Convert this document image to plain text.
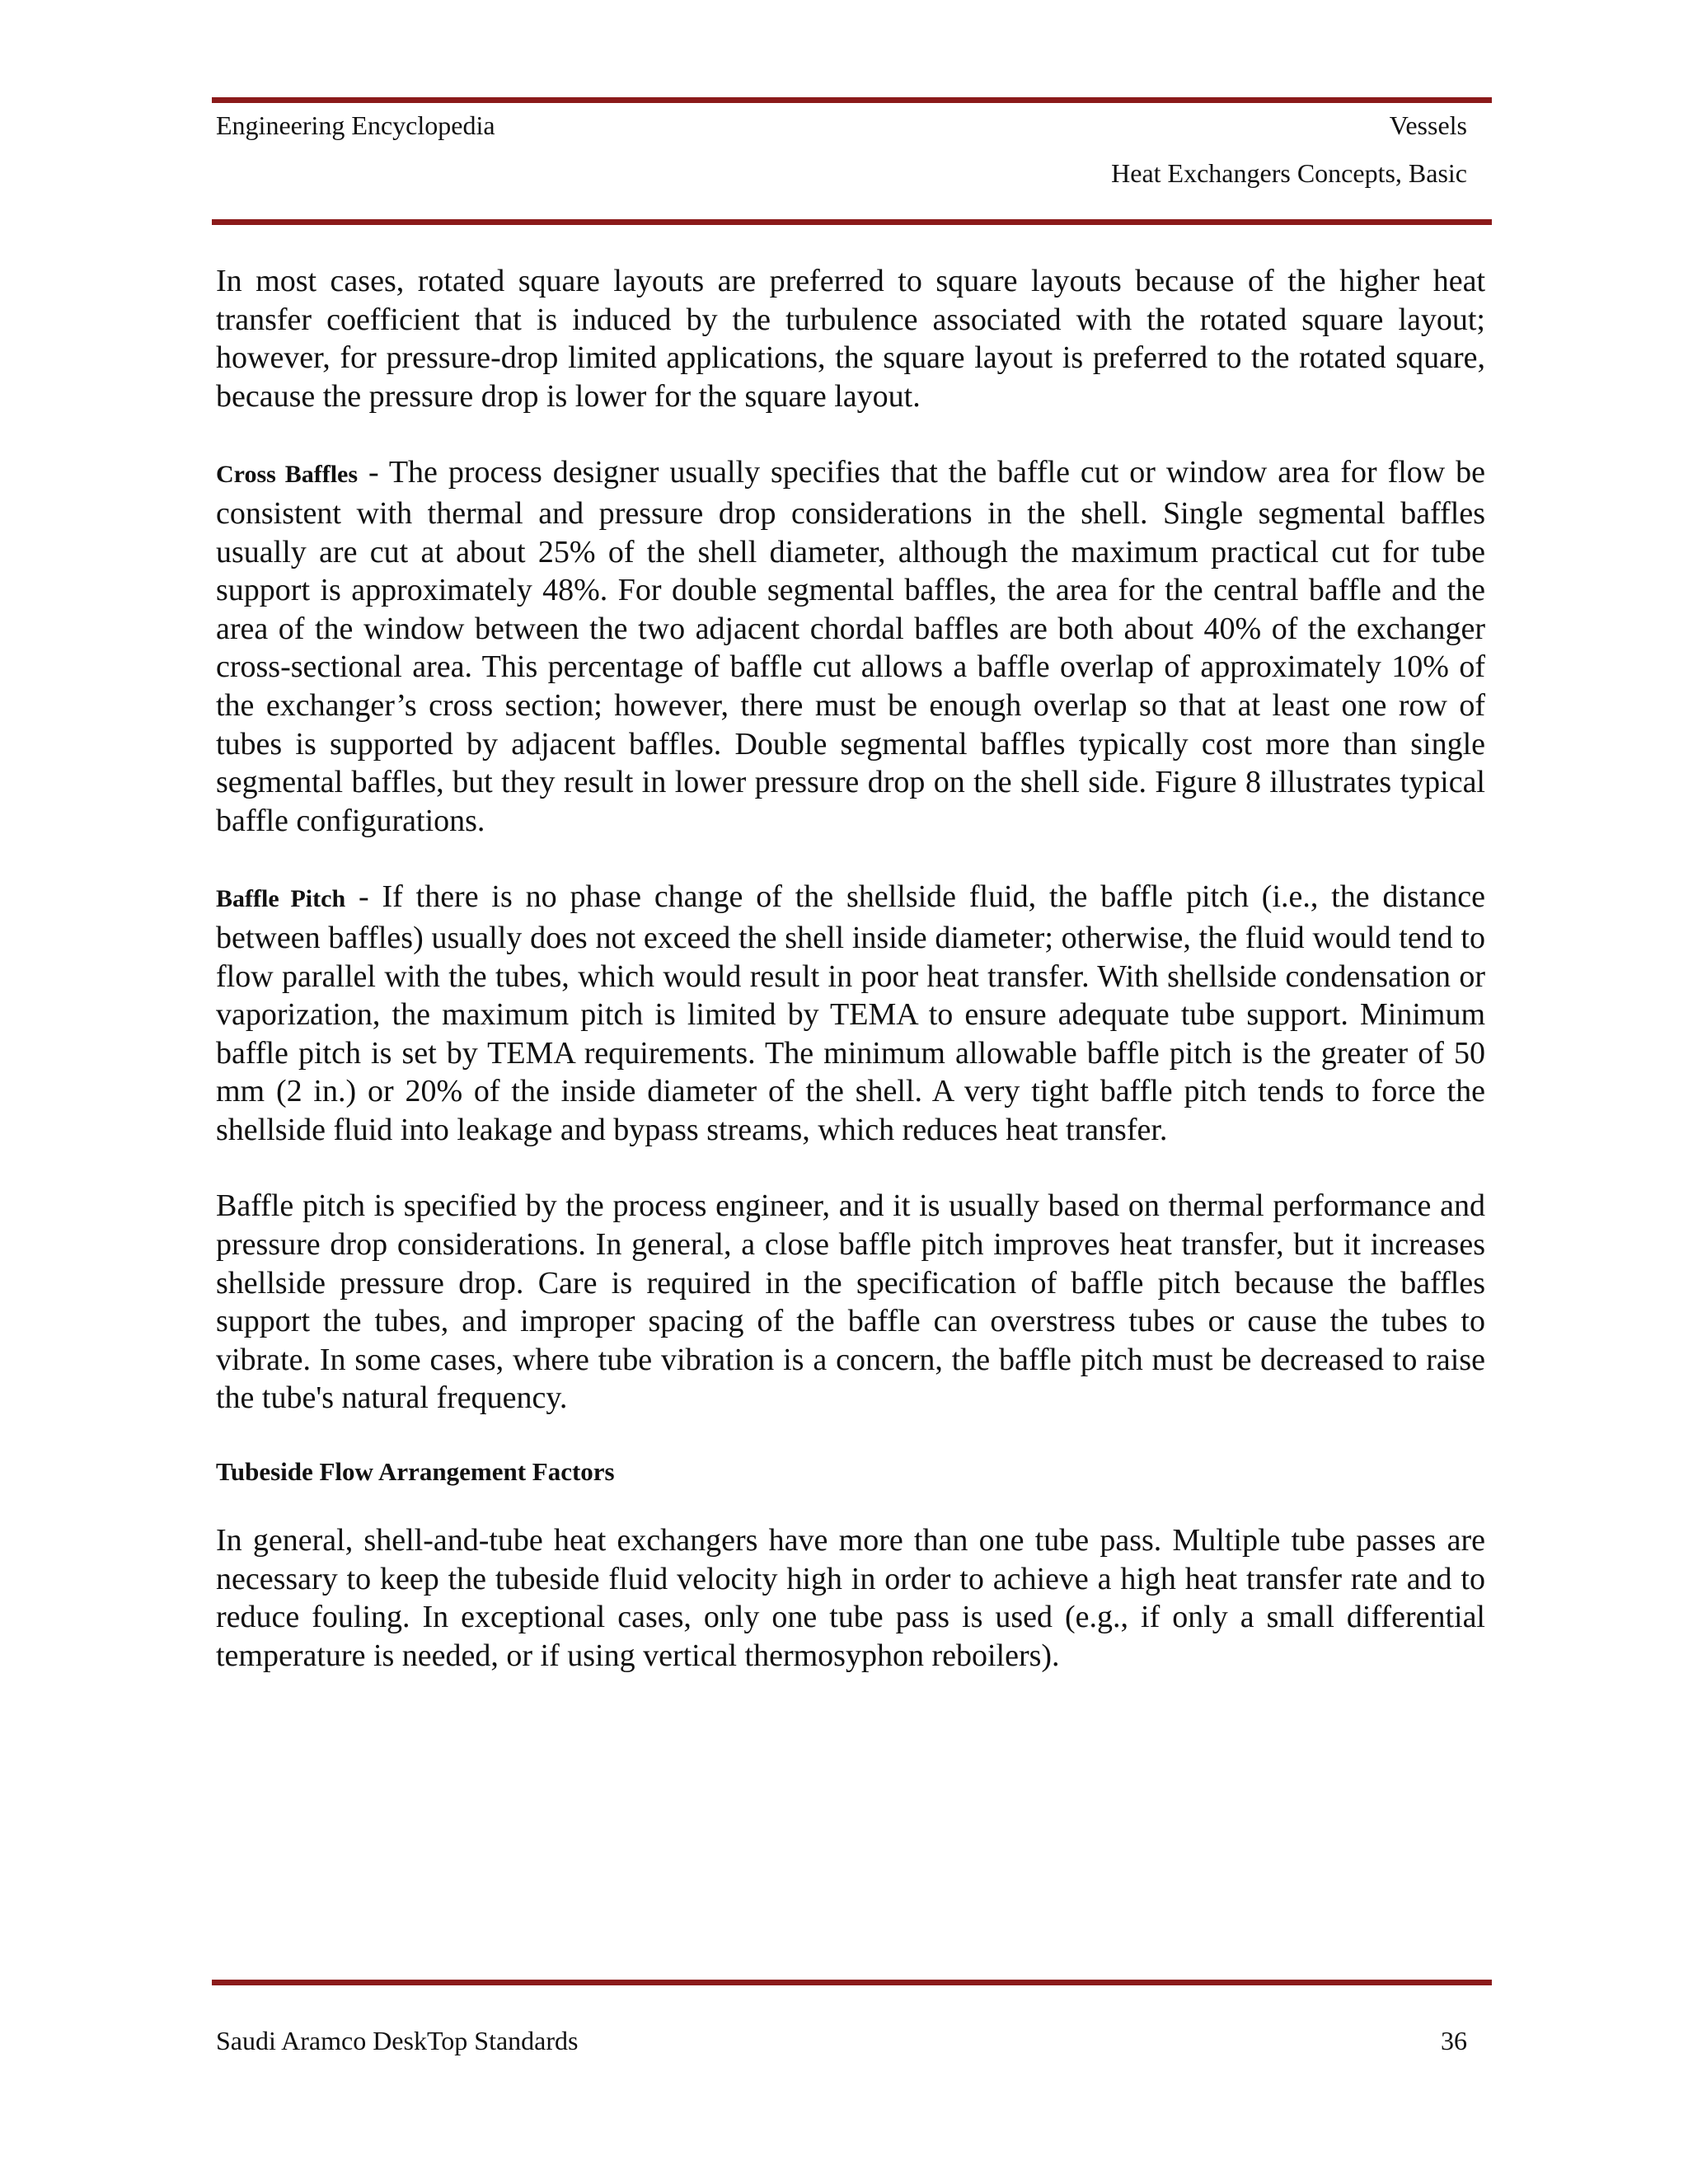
Engineering Encyclopedia	Vessels
Heat Exchangers Concepts, Basic

In most cases, rotated square layouts are preferred to square layouts because of the higher heat transfer coefficient that is induced by the turbulence associated with the rotated square layout; however, for pressure-drop limited applications, the square layout is preferred to the rotated square, because the pressure drop is lower for the square layout.

Cross Baffles - The process designer usually specifies that the baffle cut or window area for flow be consistent with thermal and pressure drop considerations in the shell. Single segmental baffles usually are cut at about 25% of the shell diameter, although the maximum practical cut for tube support is approximately 48%. For double segmental baffles, the area for the central baffle and the area of the window between the two adjacent chordal baffles are both about 40% of the exchanger cross-sectional area. This percentage of baffle cut allows a baffle overlap of approximately 10% of the exchanger’s cross section; however, there must be enough overlap so that at least one row of tubes is supported by adjacent baffles. Double segmental baffles typically cost more than single segmental baffles, but they result in lower pressure drop on the shell side. Figure 8 illustrates typical baffle configurations.

Baffle Pitch - If there is no phase change of the shellside fluid, the baffle pitch (i.e., the distance between baffles) usually does not exceed the shell inside diameter; otherwise, the fluid would tend to flow parallel with the tubes, which would result in poor heat transfer. With shellside condensation or vaporization, the maximum pitch is limited by TEMA to ensure adequate tube support. Minimum baffle pitch is set by TEMA requirements. The minimum allowable baffle pitch is the greater of 50 mm (2 in.) or 20% of the inside diameter of the shell. A very tight baffle pitch tends to force the shellside fluid into leakage and bypass streams, which reduces heat transfer.

Baffle pitch is specified by the process engineer, and it is usually based on thermal performance and pressure drop considerations. In general, a close baffle pitch improves heat transfer, but it increases shellside pressure drop. Care is required in the specification of baffle pitch because the baffles support the tubes, and improper spacing of the baffle can overstress tubes or cause the tubes to vibrate. In some cases, where tube vibration is a concern, the baffle pitch must be decreased to raise the tube's natural frequency.

Tubeside Flow Arrangement Factors

In general, shell-and-tube heat exchangers have more than one tube pass. Multiple tube passes are necessary to keep the tubeside fluid velocity high in order to achieve a high heat transfer rate and to reduce fouling. In exceptional cases, only one tube pass is used (e.g., if only a small differential temperature is needed, or if using vertical thermosyphon reboilers).

Saudi Aramco DeskTop Standards	36
